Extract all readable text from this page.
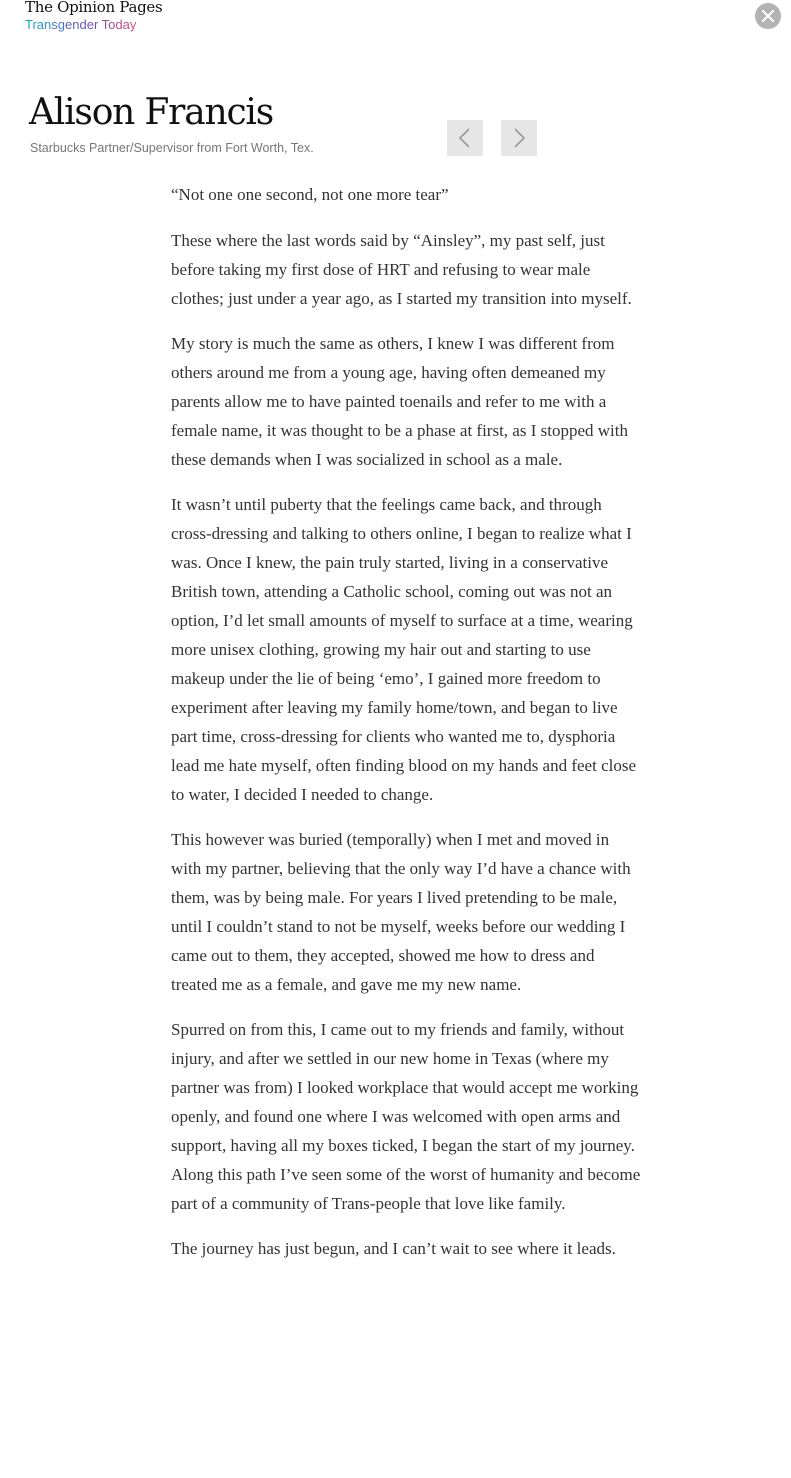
The Opinion Pages
Transgender Today
Alison Francis
Starbucks Partner/Supervisor from Fort Worth, Tex.

“Not one one second, not one more tear”

These where the last words said by “Ainsley”, my past self, just before taking my first dose of HRT and refusing to wear male clothes; just under a year ago, as I started my transition into myself.

My story is much the same as others, I knew I was different from others around me from a young age, having often demeaned my parents allow me to have painted toenails and refer to me with a female name, it was thought to be a phase at first, as I stopped with these demands when I was socialized in school as a male.

It wasn’t until puberty that the feelings came back, and through cross-dressing and talking to others online, I began to realize what I was. Once I knew, the pain truly started, living in a conservative British town, attending a Catholic school, coming out was not an option, I’d let small amounts of myself to surface at a time, wearing more unisex clothing, growing my hair out and starting to use makeup under the lie of being ‘emo’, I gained more freedom to experiment after leaving my family home/town, and began to live part time, cross-dressing for clients who wanted me to, dysphoria lead me hate myself, often finding blood on my hands and feet close to water, I decided I needed to change.

This however was buried (temporally) when I met and moved in with my partner, believing that the only way I’d have a chance with them, was by being male. For years I lived pretending to be male, until I couldn’t stand to not be myself, weeks before our wedding I came out to them, they accepted, showed me how to dress and treated me as a female, and gave me my new name.

Spurred on from this, I came out to my friends and family, without injury, and after we settled in our new home in Texas (where my partner was from) I looked workplace that would accept me working openly, and found one where I was welcomed with open arms and support, having all my boxes ticked, I began the start of my journey. Along this path I’ve seen some of the worst of humanity and become part of a community of Trans-people that love like family.

The journey has just begun, and I can’t wait to see where it leads.
